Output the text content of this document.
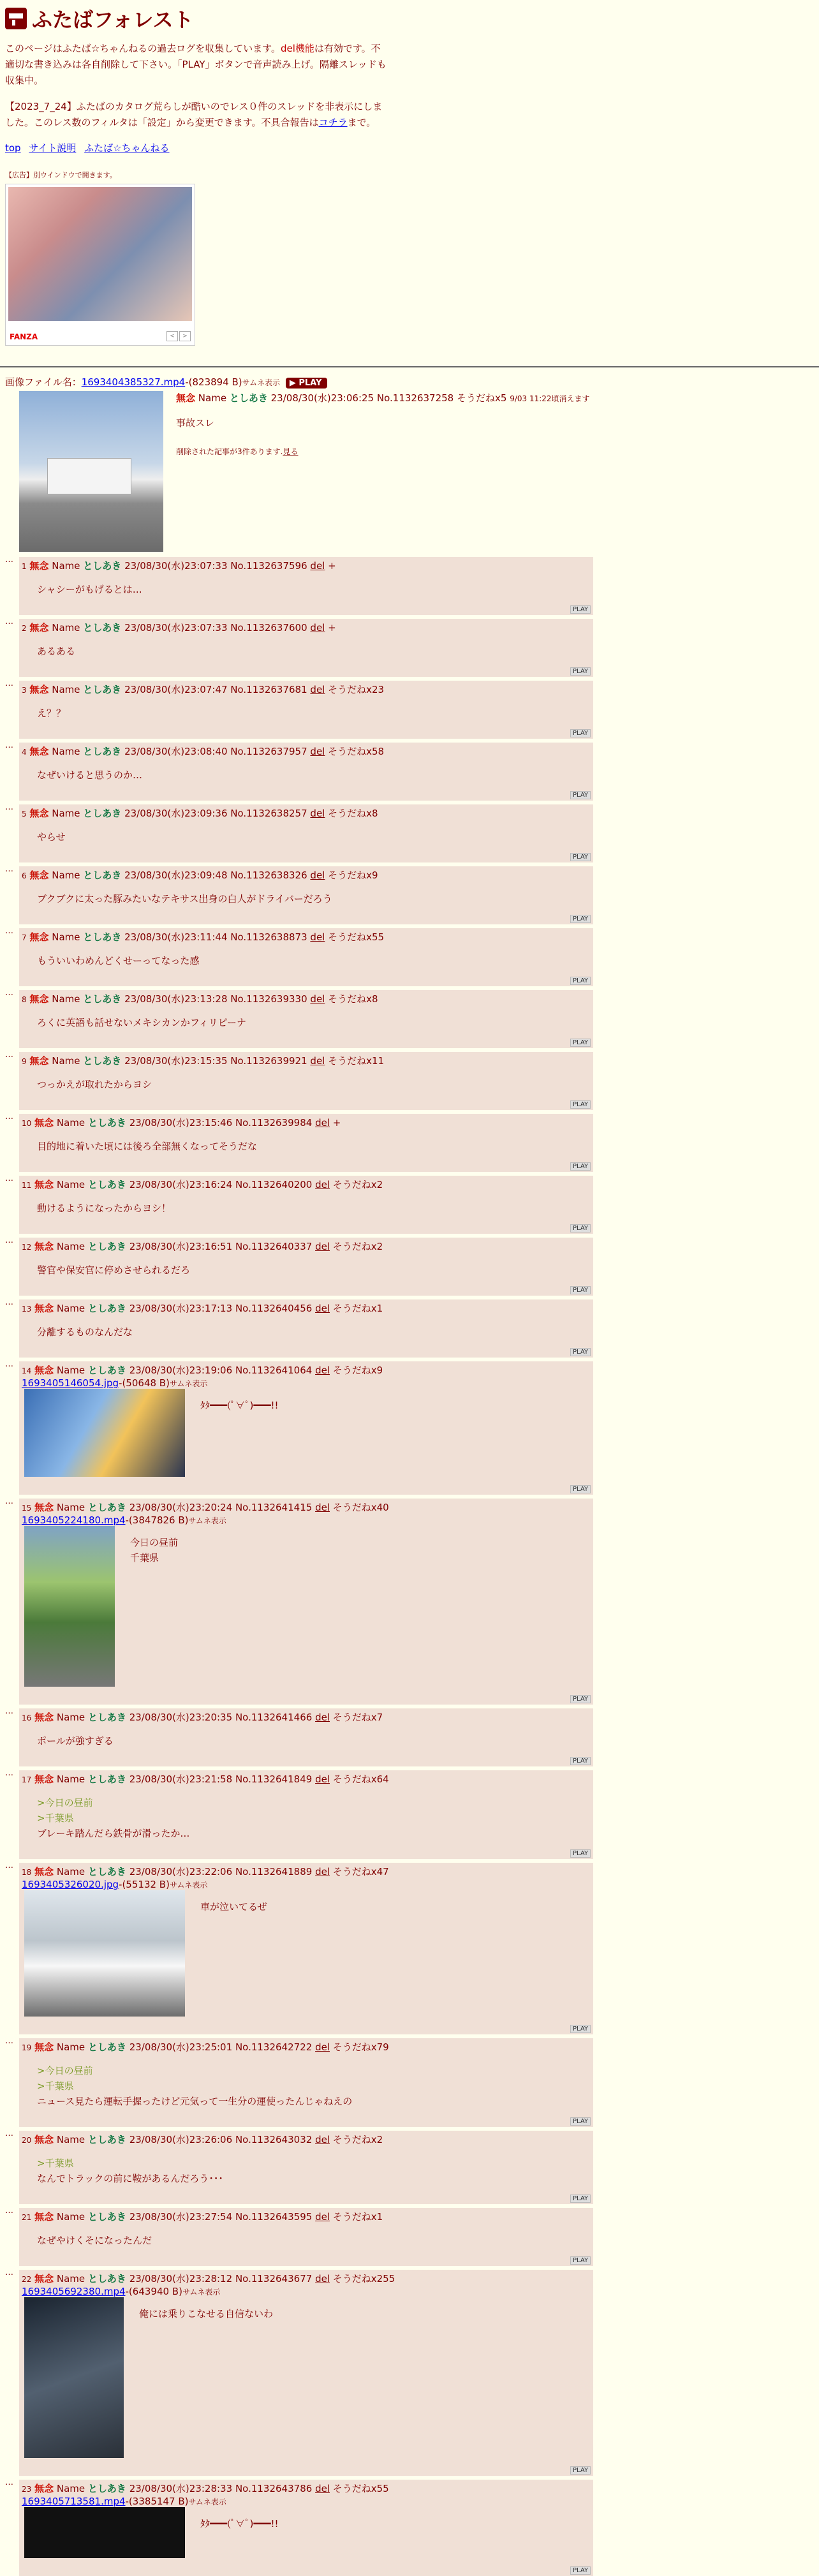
ふたばフォレスト

このページはふたば☆ちゃんねるの過去ログを収集しています。del機能は有効です。不適切な書き込みは各自削除して下さい。「PLAY」ボタンで音声読み上げ。隔離スレッドも収集中。

【2023_7_24】ふたばのカタログ荒らしが酷いのでレス０件のスレッドを非表示にしました。このレス数のフィルタは「設定」から変更できます。不具合報告はコチラまで。

top サイト説明 ふたば☆ちゃんねる
【広告】別ウインドウで開きます。
FANZA	<	>
画像ファイル名：1693404385327.mp4-(823894 B)サムネ表示 ▶ PLAY
無念 Name としあき 23/08/30(水)23:06:25 No.1132637258 そうだねx5 9/03 11:22頃消えます
事故スレ
削除された記事が3件あります.見る
…
1 無念 Name としあき 23/08/30(水)23:07:33 No.1132637596 del +
シャシーがもげるとは…
PLAY
…
2 無念 Name としあき 23/08/30(水)23:07:33 No.1132637600 del +
あるある
PLAY
…
3 無念 Name としあき 23/08/30(水)23:07:47 No.1132637681 del そうだねx23
え？？
PLAY
…
4 無念 Name としあき 23/08/30(水)23:08:40 No.1132637957 del そうだねx58
なぜいけると思うのか…
PLAY
…
5 無念 Name としあき 23/08/30(水)23:09:36 No.1132638257 del そうだねx8
やらせ
PLAY
…
6 無念 Name としあき 23/08/30(水)23:09:48 No.1132638326 del そうだねx9
ブクブクに太った豚みたいなテキサス出身の白人がドライバーだろう
PLAY
…
7 無念 Name としあき 23/08/30(水)23:11:44 No.1132638873 del そうだねx55
もういいわめんどくせーってなった感
PLAY
…
8 無念 Name としあき 23/08/30(水)23:13:28 No.1132639330 del そうだねx8
ろくに英語も話せないメキシカンかフィリピーナ
PLAY
…
9 無念 Name としあき 23/08/30(水)23:15:35 No.1132639921 del そうだねx11
つっかえが取れたからヨシ
PLAY
…
10 無念 Name としあき 23/08/30(水)23:15:46 No.1132639984 del +
目的地に着いた頃には後ろ全部無くなってそうだな
PLAY
…
11 無念 Name としあき 23/08/30(水)23:16:24 No.1132640200 del そうだねx2
動けるようになったからヨシ！
PLAY
…
12 無念 Name としあき 23/08/30(水)23:16:51 No.1132640337 del そうだねx2
警官や保安官に停めさせられるだろ
PLAY
…
13 無念 Name としあき 23/08/30(水)23:17:13 No.1132640456 del そうだねx1
分離するものなんだな
PLAY
…
14 無念 Name としあき 23/08/30(水)23:19:06 No.1132641064 del そうだねx9
1693405146054.jpg-(50648 B)サムネ表示
ﾀﾀ━━━(ﾟ∀ﾟ)━━━!!
PLAY
…
15 無念 Name としあき 23/08/30(水)23:20:24 No.1132641415 del そうだねx40
1693405224180.mp4-(3847826 B)サムネ表示
今日の昼前
千葉県
PLAY
…
16 無念 Name としあき 23/08/30(水)23:20:35 No.1132641466 del そうだねx7
ポールが強すぎる
PLAY
…
17 無念 Name としあき 23/08/30(水)23:21:58 No.1132641849 del そうだねx64
>今日の昼前
>千葉県
ブレーキ踏んだら鉄骨が滑ったか…
PLAY
…
18 無念 Name としあき 23/08/30(水)23:22:06 No.1132641889 del そうだねx47
1693405326020.jpg-(55132 B)サムネ表示
車が泣いてるぜ
PLAY
…
19 無念 Name としあき 23/08/30(水)23:25:01 No.1132642722 del そうだねx79
>今日の昼前
>千葉県
ニュース見たら運転手握ったけど元気って一生分の運使ったんじゃねえの
PLAY
…
20 無念 Name としあき 23/08/30(水)23:26:06 No.1132643032 del そうだねx2
>千葉県
なんでトラックの前に鞍があるんだろう･･･
PLAY
…
21 無念 Name としあき 23/08/30(水)23:27:54 No.1132643595 del そうだねx1
なぜやけくそになったんだ
PLAY
…
22 無念 Name としあき 23/08/30(水)23:28:12 No.1132643677 del そうだねx255
1693405692380.mp4-(643940 B)サムネ表示
俺には乗りこなせる自信ないわ
PLAY
…
23 無念 Name としあき 23/08/30(水)23:28:33 No.1132643786 del そうだねx55
1693405713581.mp4-(3385147 B)サムネ表示
ﾀﾀ━━━(ﾟ∀ﾟ)━━━!!
PLAY
